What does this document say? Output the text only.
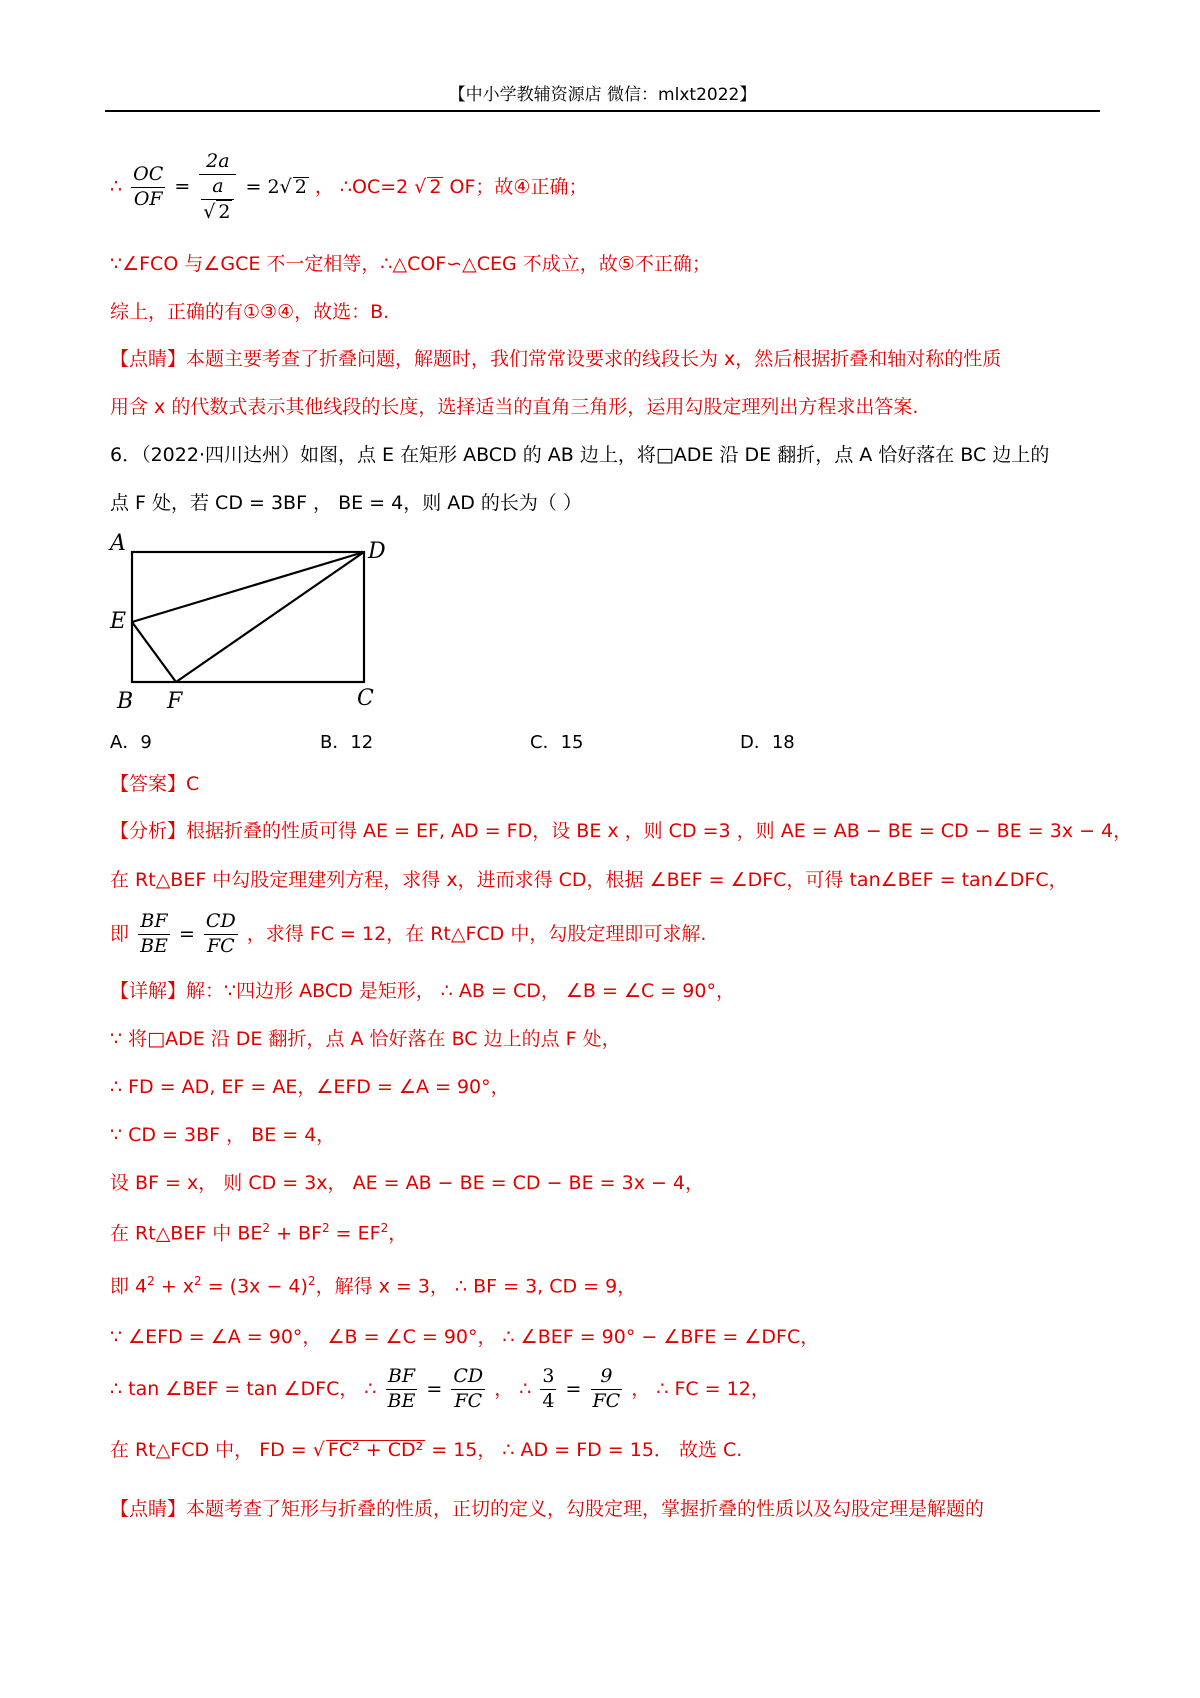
【中小学教辅资源店 微信：mlxt2022】
∴ $\frac{OC}{OF} = \frac{2a}{\frac{a}{√ 2}} = 2√$ 2 ， ∴OC=2 √ 2 OF；故④正确；
∵∠FCO 与∠GCE 不一定相等，∴△COF∽△CEG 不成立，故⑤不正确；
综上，正确的有①③④，故选：B.
【点睛】本题主要考查了折叠问题，解题时，我们常常设要求的线段长为 x，然后根据折叠和轴对称的性质
用含 x 的代数式表示其他线段的长度，选择适当的直角三角形，运用勾股定理列出方程求出答案.
6．（2022·四川达州）如图，点 E 在矩形 ABCD 的 AB 边上，将□ADE 沿 DE 翻折，点 A 恰好落在 BC 边上的
点 F 处，若 CD = 3BF ， BE = 4，则 AD 的长为（ ）
A	D
E
B F	C
A．9	B．12	C．15	D．18
【答案】C
【分析】根据折叠的性质可得 AE = EF, AD = FD，设 BE x ，则 CD =3 ，则 AE = AB − BE = CD − BE = 3x − 4，
在 Rt△BEF 中勾股定理建列方程，求得 x，进而求得 CD，根据 ∠BEF = ∠DFC，可得 tan∠BEF = tan∠DFC，
即 $\frac{BF}{BE} = \frac{CD}{FC}$ ，求得 FC = 12，在 Rt△FCD 中，勾股定理即可求解.
【详解】解：∵四边形 ABCD 是矩形， ∴ AB = CD， ∠B = ∠C = 90°，
∵ 将□ADE 沿 DE 翻折，点 A 恰好落在 BC 边上的点 F 处，
∴ FD = AD, EF = AE，∠EFD = ∠A = 90°，
∵ CD = 3BF ， BE = 4，
设 BF = x， 则 CD = 3x， AE = AB − BE = CD − BE = 3x − 4，
在 Rt△BEF 中 $BE^2 + BF^2 = EF^2$，
即 $4^2 + x^2 = (3x - 4)^2$，解得 x = 3， ∴ BF = 3, CD = 9，
∵ ∠EFD = ∠A = 90°， ∠B = ∠C = 90°， ∴ ∠BEF = 90° − ∠BFE = ∠DFC，
∴ tan ∠BEF = tan ∠DFC， ∴ $\frac{BF}{BE} = \frac{CD}{FC}$ ， ∴ $\frac{3}{4} = \frac{9}{FC}$ ， ∴ FC = 12，
在 Rt△FCD 中， FD = √ FC² + CD² = 15， ∴ AD = FD = 15． 故选 C.
【点睛】本题考查了矩形与折叠的性质，正切的定义，勾股定理，掌握折叠的性质以及勾股定理是解题的
